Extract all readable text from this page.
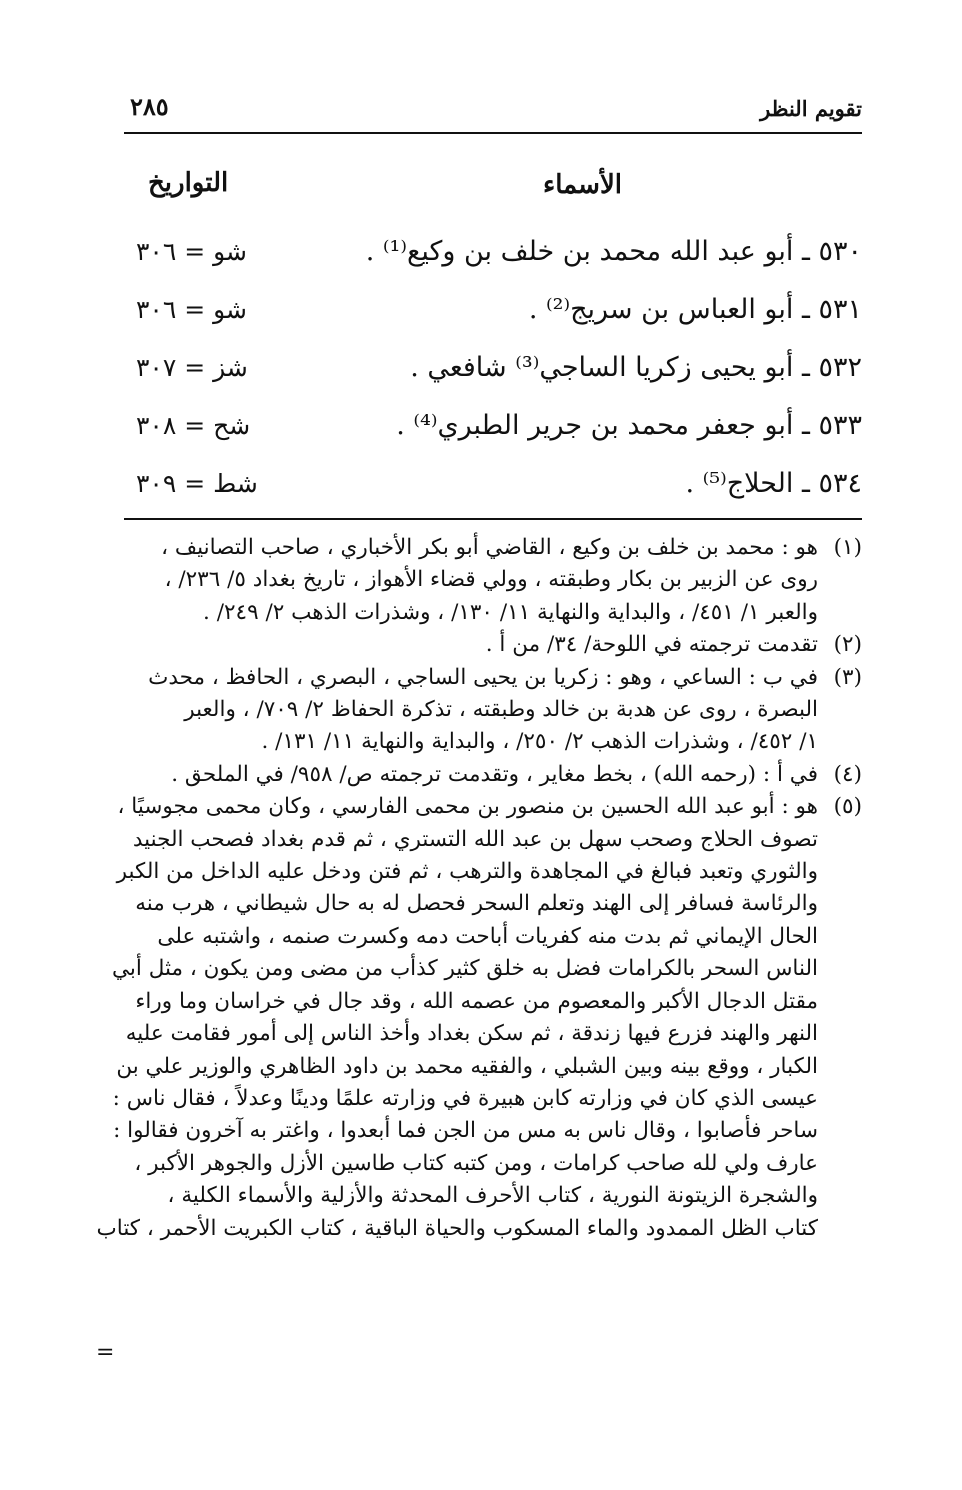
تقويم النظر
٢٨٥
الأسماء
التواريخ
٥٣٠ ـ أبو عبد الله محمد بن خلف بن وكيع⁽¹⁾ .
شو = ٣٠٦
٥٣١ ـ أبو العباس بن سريج⁽²⁾ .
شو = ٣٠٦
٥٣٢ ـ أبو يحيى زكريا الساجي⁽³⁾ شافعي .
شز = ٣٠٧
٥٣٣ ـ أبو جعفر محمد بن جرير الطبري⁽⁴⁾ .
شح = ٣٠٨
٥٣٤ ـ الحلاج⁽⁵⁾ .
شط = ٣٠٩
(١)
هو : محمد بن خلف بن وكيع ، القاضي أبو بكر الأخباري ، صاحب التصانيف ،
روى عن الزبير بن بكار وطبقته ، وولي قضاء الأهواز ، تاريخ بغداد ٥/ ٢٣٦/ ،
والعبر ١/ ٤٥١/ ، والبداية والنهاية ١١/ ١٣٠/ ، وشذرات الذهب ٢/ ٢٤٩/ .
(٢)
تقدمت ترجمته في اللوحة/ ٣٤/ من أ .
(٣)
في ب : الساعي ، وهو : زكريا بن يحيى الساجي ، البصري ، الحافظ ، محدث
البصرة ، روى عن هدبة بن خالد وطبقته ، تذكرة الحفاظ ٢/ ٧٠٩/ ، والعبر
١/ ٤٥٢/ ، وشذرات الذهب ٢/ ٢٥٠/ ، والبداية والنهاية ١١/ ١٣١/ .
(٤)
في أ : (رحمه الله) ، بخط مغاير ، وتقدمت ترجمته ص/ ٩٥٨/ في الملحق .
(٥)
هو : أبو عبد الله الحسين بن منصور بن محمى الفارسي ، وكان محمى مجوسيًا ،
تصوف الحلاج وصحب سهل بن عبد الله التستري ، ثم قدم بغداد فصحب الجنيد
والثوري وتعبد فبالغ في المجاهدة والترهب ، ثم فتن ودخل عليه الداخل من الكبر
والرئاسة فسافر إلى الهند وتعلم السحر فحصل له به حال شيطاني ، هرب منه
الحال الإيماني ثم بدت منه كفريات أباحت دمه وكسرت صنمه ، واشتبه على
الناس السحر بالكرامات فضل به خلق كثير كذأب من مضى ومن يكون ، مثل أبي
مقتل الدجال الأكبر والمعصوم من عصمه الله ، وقد جال في خراسان وما وراء
النهر والهند فزرع فيها زندقة ، ثم سكن بغداد وأخذ الناس إلى أمور فقامت عليه
الكبار ، ووقع بينه وبين الشبلي ، والفقيه محمد بن داود الظاهري والوزير علي بن
عيسى الذي كان في وزارته كابن هبيرة في وزارته علمًا ودينًا وعدلاً ، فقال ناس :
ساحر فأصابوا ، وقال ناس به مس من الجن فما أبعدوا ، واغتر به آخرون فقالوا :
عارف ولي لله صاحب كرامات ، ومن كتبه كتاب طاسين الأزل والجوهر الأكبر ،
والشجرة الزيتونة النورية ، كتاب الأحرف المحدثة والأزلية والأسماء الكلية ،
كتاب الظل الممدود والماء المسكوب والحياة الباقية ، كتاب الكبريت الأحمر ، كتاب
=
